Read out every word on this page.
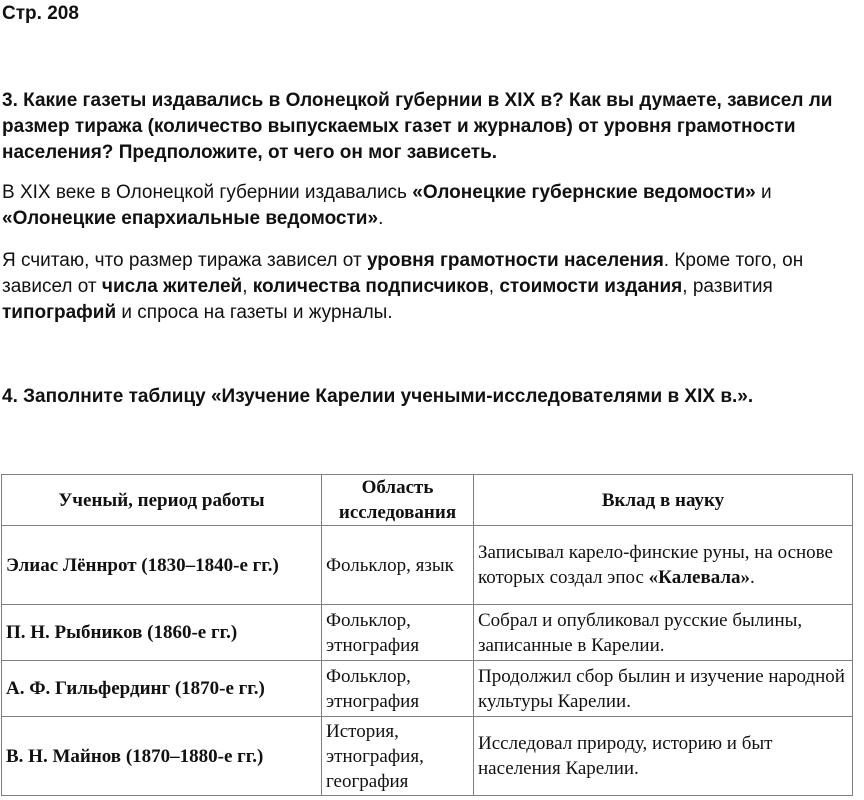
Стр. 208
3. Какие газеты издавались в Олонецкой губернии в XIX в? Как вы думаете, зависел ли размер тиража (количество выпускаемых газет и журналов) от уровня грамотности населения? Предположите, от чего он мог зависеть.
В XIX веке в Олонецкой губернии издавались «Олонецкие губернские ведомости» и «Олонецкие епархиальные ведомости».
Я считаю, что размер тиража зависел от уровня грамотности населения. Кроме того, он зависел от числа жителей, количества подписчиков, стоимости издания, развития типографий и спроса на газеты и журналы.
4. Заполните таблицу «Изучение Карелии учеными-исследователями в XIX в.».
Ученый, период работы	Область исследования	Вклад в науку
Элиас Лённрот (1830–1840-е гг.)	Фольклор, язык	Записывал карело-финские руны, на основе которых создал эпос «Калевала».
П. Н. Рыбников (1860-е гг.)	Фольклор, этнография	Собрал и опубликовал русские былины, записанные в Карелии.
А. Ф. Гильфердинг (1870-е гг.)	Фольклор, этнография	Продолжил сбор былин и изучение народной культуры Карелии.
В. Н. Майнов (1870–1880-е гг.)	История, этнография, география	Исследовал природу, историю и быт населения Карелии.
